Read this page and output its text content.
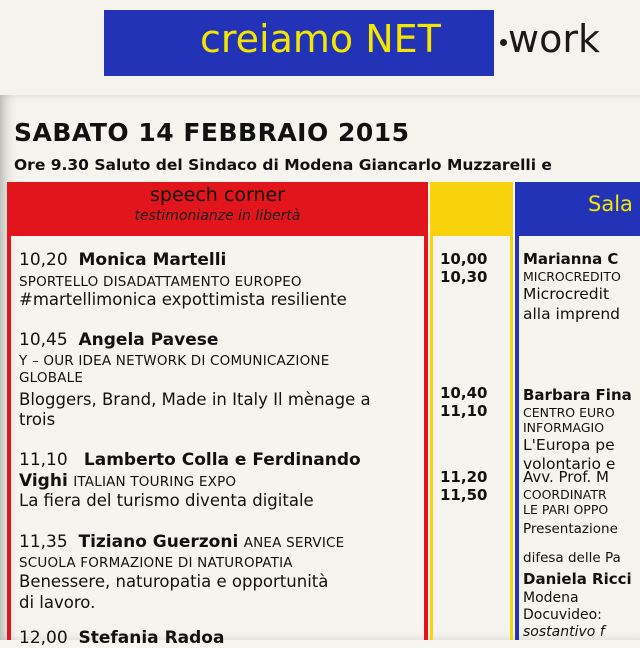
creiamo NET work
SABATO 14 FEBBRAIO 2015
Ore 9.30 Saluto del Sindaco di Modena Giancarlo Muzzarelli e
speech corner
testimonianze in libertà	Sala
10,20 Monica Martelli
SPORTELLO DISADATTAMENTO EUROPEO
#martellimonica expottimista resiliente
10,45 Angela Pavese
Y – OUR IDEA NETWORK DI COMUNICAZIONE
GLOBALE
Bloggers, Brand, Made in Italy Il mènage a
trois
11,10 Lamberto Colla e Ferdinando
Vighi ITALIAN TOURING EXPO
La fiera del turismo diventa digitale
11,35 Tiziano Guerzoni ANEA SERVICE
SCUOLA FORMAZIONE DI NATUROPATIA
Benessere, naturopatia e opportunità
di lavoro.
12,00 Stefania Radoa
10,00
10,30
10,40
11,10
11,20
11,50
Marianna C
MICROCREDITO
Microcredit
alla imprend
Barbara Fina
CENTRO EURO
INFORMAGIO
L'Europa pe
volontario e
Avv. Prof. M
COORDINATR
LE PARI OPPO
Presentazione
difesa delle Pa
Daniela Ricci
Modena
Docuvideo:
sostantivo f
